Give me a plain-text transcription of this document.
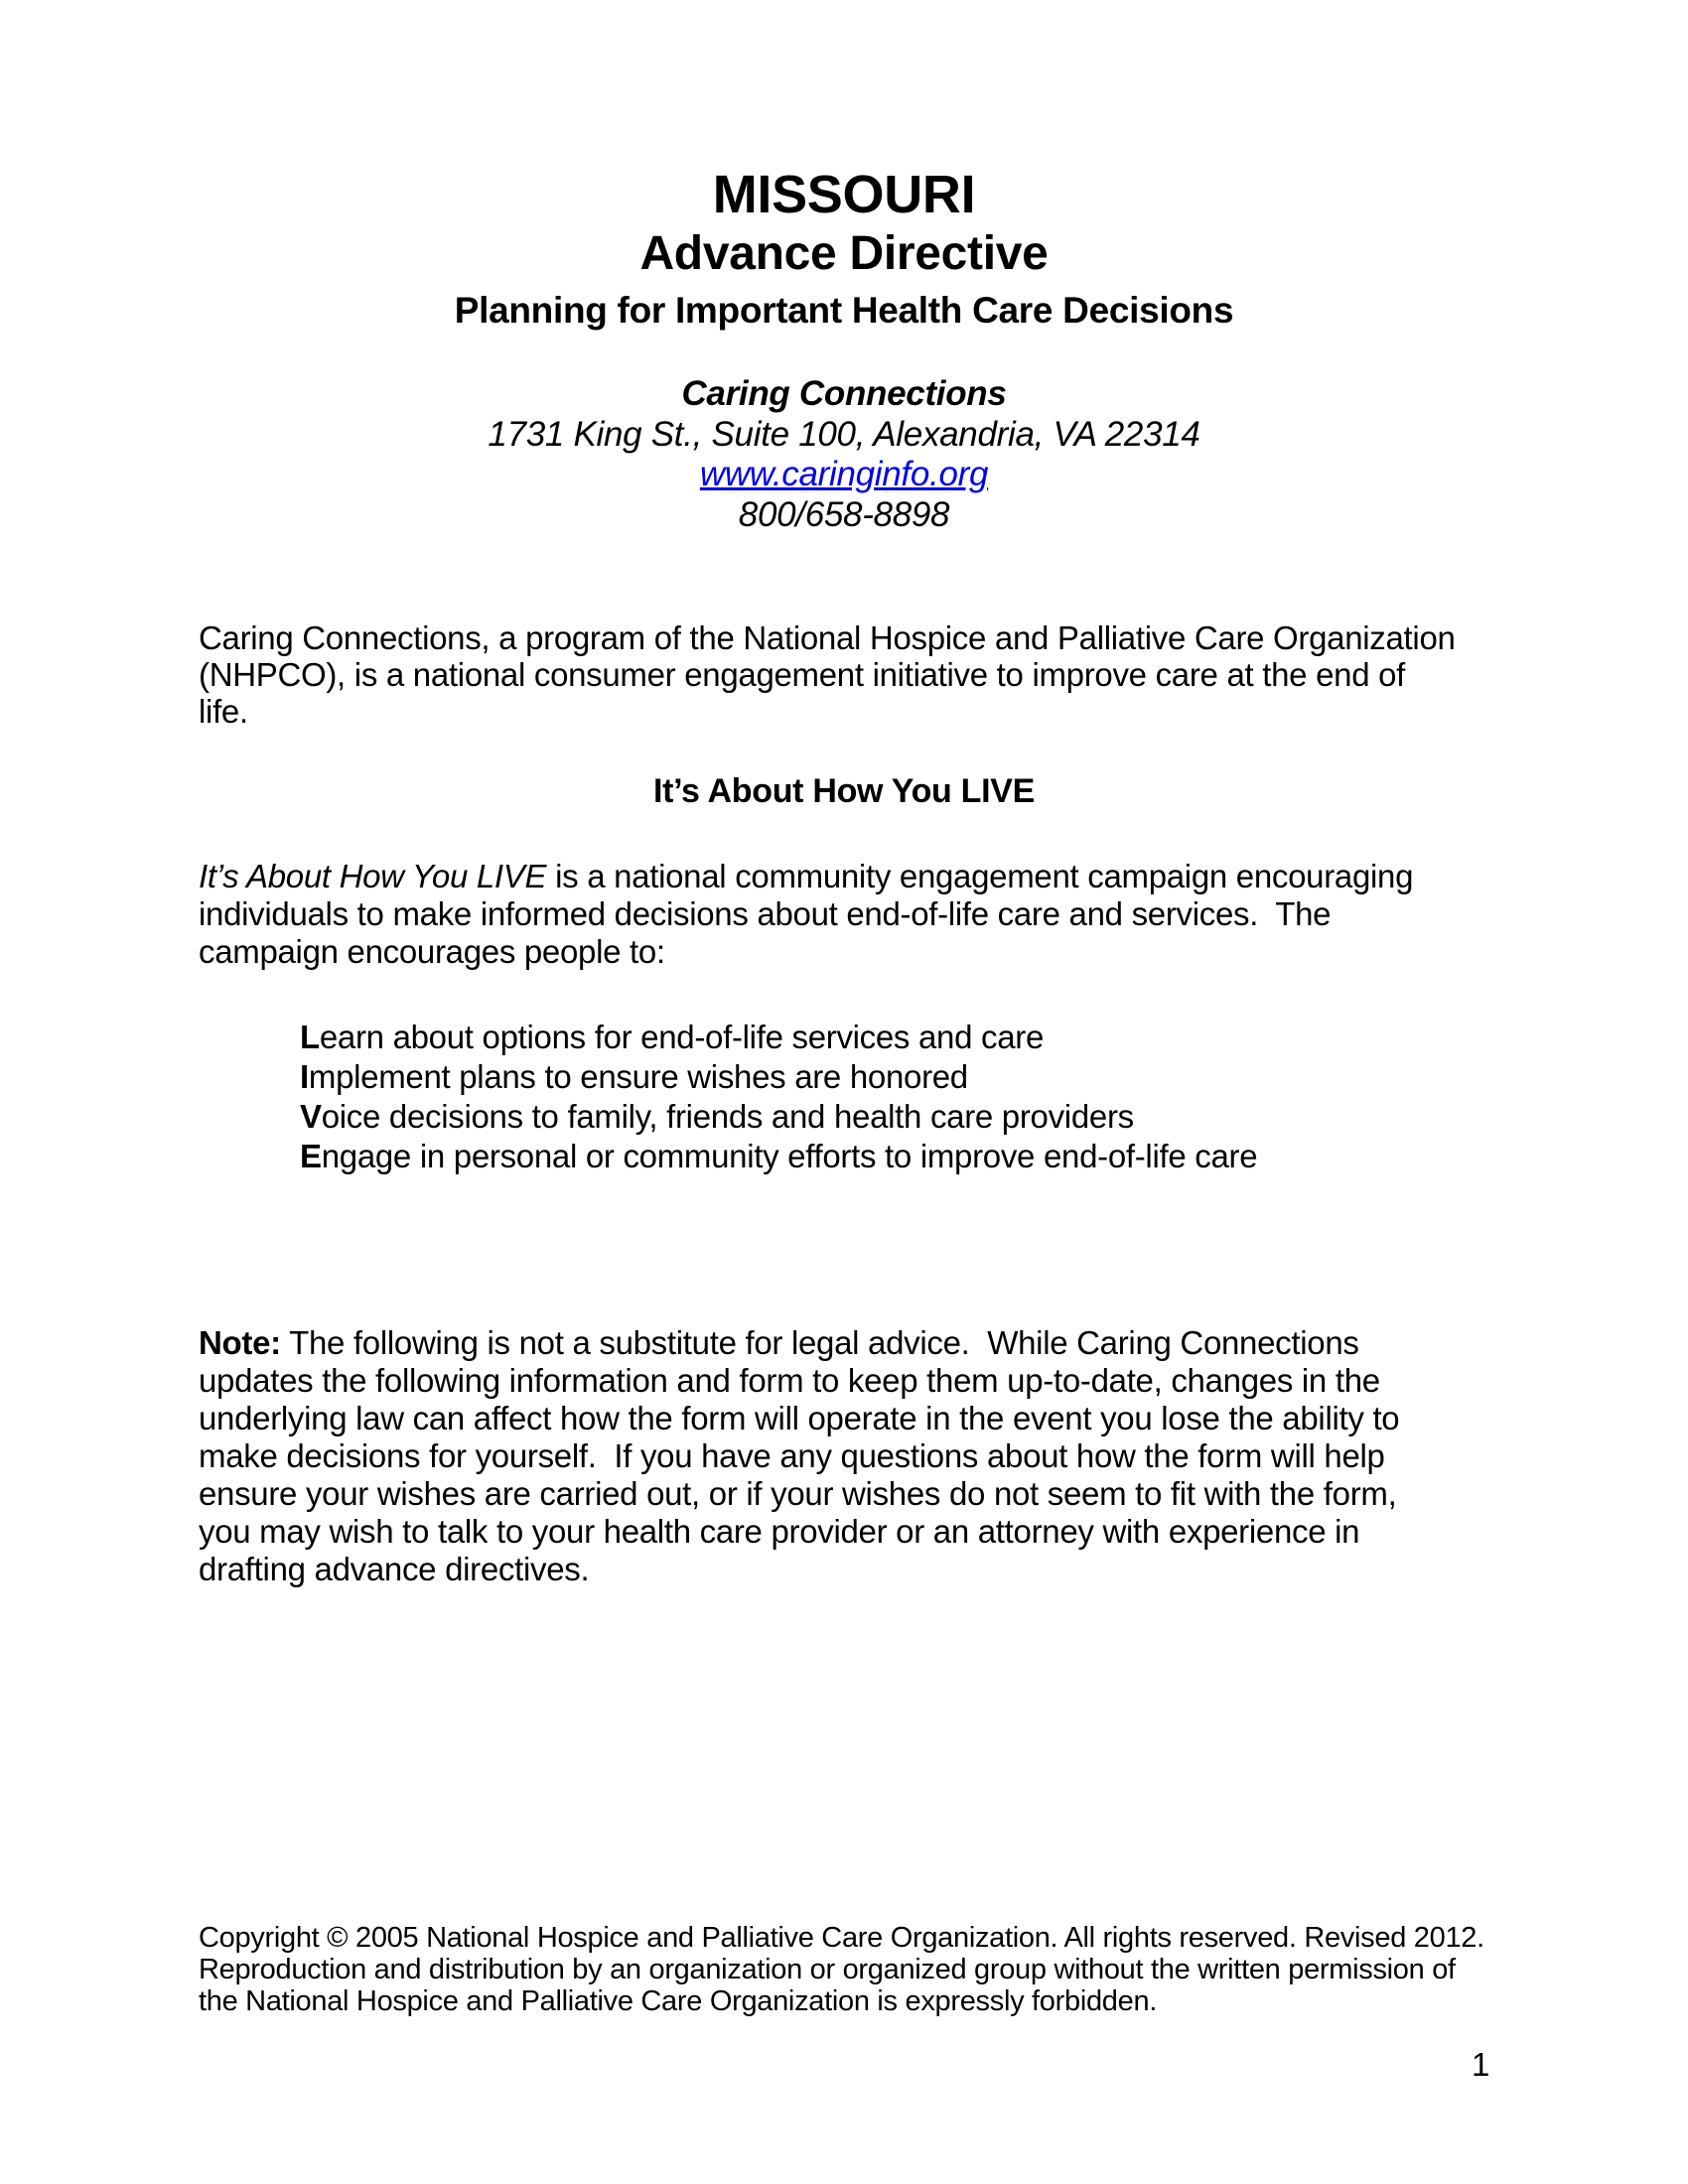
MISSOURI
Advance Directive
Planning for Important Health Care Decisions
Caring Connections
1731 King St., Suite 100, Alexandria, VA 22314
www.caringinfo.org
800/658-8898
Caring Connections, a program of the National Hospice and Palliative Care Organization
(NHPCO), is a national consumer engagement initiative to improve care at the end of
life.
It’s About How You LIVE
It’s About How You LIVE is a national community engagement campaign encouraging
individuals to make informed decisions about end-of-life care and services.  The
campaign encourages people to:
Learn about options for end-of-life services and care
Implement plans to ensure wishes are honored
Voice decisions to family, friends and health care providers
Engage in personal or community efforts to improve end-of-life care
Note: The following is not a substitute for legal advice.  While Caring Connections
updates the following information and form to keep them up-to-date, changes in the
underlying law can affect how the form will operate in the event you lose the ability to
make decisions for yourself.  If you have any questions about how the form will help
ensure your wishes are carried out, or if your wishes do not seem to fit with the form,
you may wish to talk to your health care provider or an attorney with experience in
drafting advance directives.
Copyright © 2005 National Hospice and Palliative Care Organization. All rights reserved. Revised 2012.
Reproduction and distribution by an organization or organized group without the written permission of
the National Hospice and Palliative Care Organization is expressly forbidden.
1
